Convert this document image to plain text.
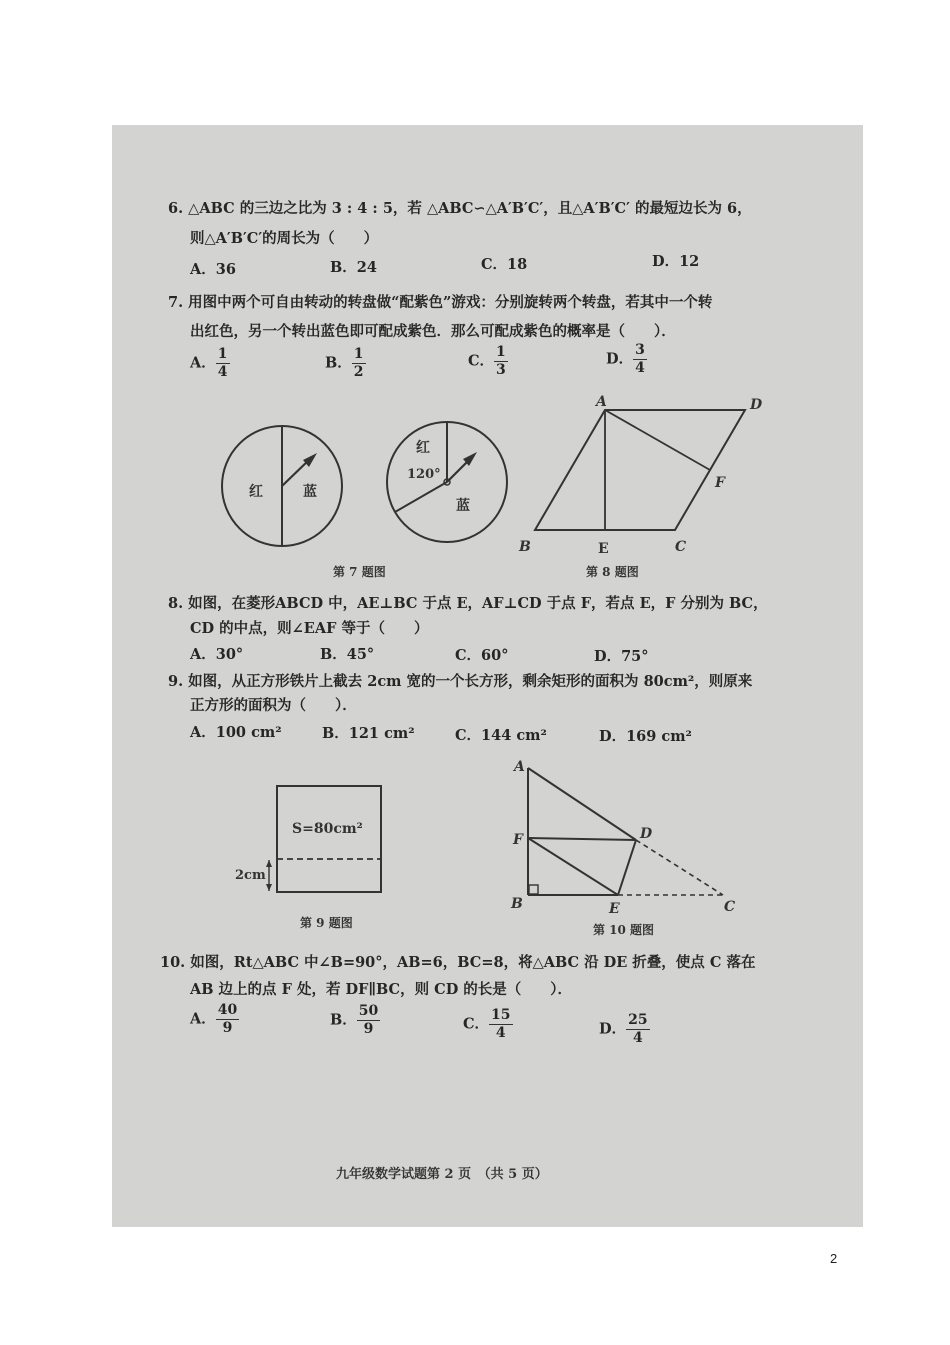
6. △ABC 的三边之比为 3 : 4 : 5，若 △ABC∽△A′B′C′，且△A′B′C′ 的最短边长为 6，
则△A′B′C′的周长为（　　）
A．36	B．24	C．18	D．12
7. 用图中两个可自由转动的转盘做“配紫色”游戏：分别旋转两个转盘，若其中一个转
出红色，另一个转出蓝色即可配成紫色．那么可配成紫色的概率是（　　）．
A． $\frac{1}{4}$	B． $\frac{1}{2}$	C． $\frac{1}{3}$	D． $\frac{3}{4}$
红	蓝
红
120°
蓝
第 7 题图
A	D
F
B	E	C
第 8 题图
8. 如图，在菱形ABCD 中，AE⊥BC 于点 E，AF⊥CD 于点 F，若点 E，F 分别为 BC，
CD 的中点，则∠EAF 等于（　　）
A．30°	B．45°	C．60°	D．75°
9. 如图，从正方形铁片上截去 2cm 宽的一个长方形，剩余矩形的面积为 80cm²，则原来
正方形的面积为（　　）．
A．100 cm²	B．121 cm²	C．144 cm²	D．169 cm²
S=80cm²
2cm
第 9 题图
A
D
F
B	E	C
第 10 题图
10. 如图，Rt△ABC 中∠B=90°，AB=6，BC=8，将△ABC 沿 DE 折叠，使点 C 落在
AB 边上的点 F 处，若 DF∥BC，则 CD 的长是（　　）．
A． $\frac{40}{9}$	B． $\frac{50}{9}$	C． $\frac{15}{4}$	D． $\frac{25}{4}$
九年级数学试题第 2 页　（共 5 页）
2
